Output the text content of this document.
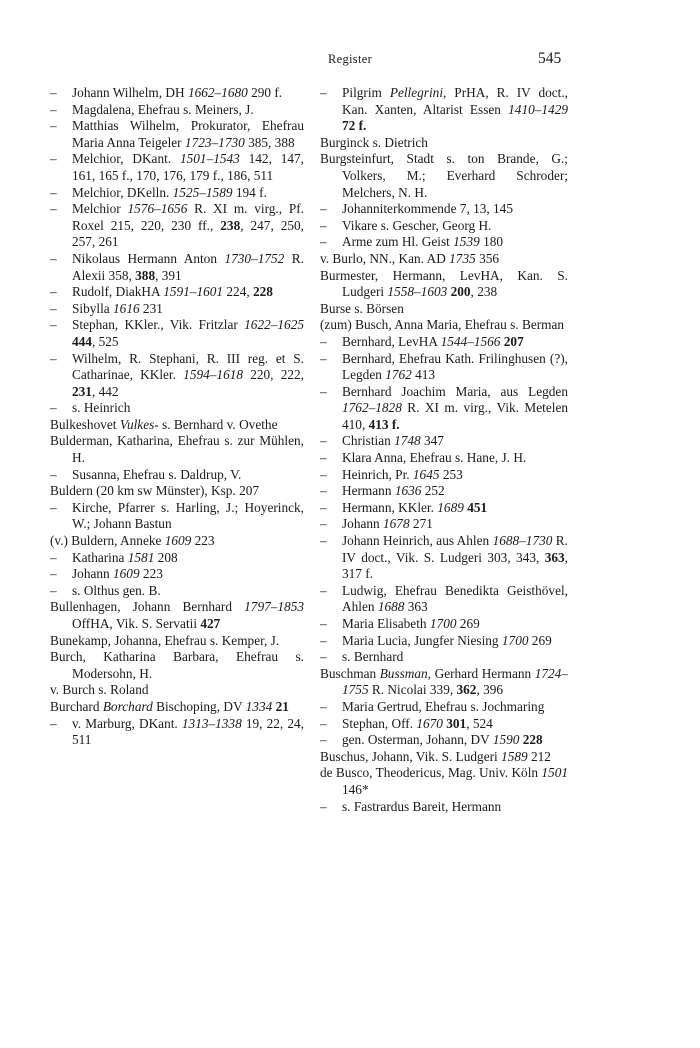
Register	545

– Johann Wilhelm, DH 1662–1680 290 f.

– Magdalena, Ehefrau s. Meiners, J.

– Matthias Wilhelm, Prokurator, Ehefrau Maria Anna Teigeler 1723–1730 385, 388

– Melchior, DKant. 1501–1543 142, 147, 161, 165 f., 170, 176, 179 f., 186, 511

– Melchior, DKelln. 1525–1589 194 f.

– Melchior 1576–1656 R. XI m. virg., Pf. Roxel 215, 220, 230 ff., 238, 247, 250, 257, 261

– Nikolaus Hermann Anton 1730–1752 R. Alexii 358, 388, 391

– Rudolf, DiakHA 1591–1601 224, 228

– Sibylla 1616 231

– Stephan, KKler., Vik. Fritzlar 1622–1625 444, 525

– Wilhelm, R. Stephani, R. III reg. et S. Catharinae, KKler. 1594–1618 220, 222, 231, 442

– s. Heinrich

Bulkeshovet Vulkes- s. Bernhard v. Ovethe

Bulderman, Katharina, Ehefrau s. zur Mühlen, H.

– Susanna, Ehefrau s. Daldrup, V.

Buldern (20 km sw Münster), Ksp. 207

– Kirche, Pfarrer s. Harling, J.; Hoyerinck, W.; Johann Bastun

(v.) Buldern, Anneke 1609 223

– Katharina 1581 208

– Johann 1609 223

– s. Olthus gen. B.

Bullenhagen, Johann Bernhard 1797–1853 OffHA, Vik. S. Servatii 427

Bunekamp, Johanna, Ehefrau s. Kemper, J.

Burch, Katharina Barbara, Ehefrau s. Modersohn, H.

v. Burch s. Roland

Burchard Borchard Bischoping, DV 1334 21

– v. Marburg, DKant. 1313–1338 19, 22, 24, 511

– Pilgrim Pellegrini, PrHA, R. IV doct., Kan. Xanten, Altarist Essen 1410–1429 72 f.

Burginck s. Dietrich

Burgsteinfurt, Stadt s. ton Brande, G.; Volkers, M.; Everhard Schroder; Melchers, N. H.

– Johanniterkommende 7, 13, 145

– Vikare s. Gescher, Georg H.

– Arme zum Hl. Geist 1539 180

v. Burlo, NN., Kan. AD 1735 356

Burmester, Hermann, LevHA, Kan. S. Ludgeri 1558–1603 200, 238

Burse s. Börsen

(zum) Busch, Anna Maria, Ehefrau s. Berman

– Bernhard, LevHA 1544–1566 207

– Bernhard, Ehefrau Kath. Frilinghusen (?), Legden 1762 413

– Bernhard Joachim Maria, aus Legden 1762–1828 R. XI m. virg., Vik. Metelen 410, 413 f.

– Christian 1748 347

– Klara Anna, Ehefrau s. Hane, J. H.

– Heinrich, Pr. 1645 253

– Hermann 1636 252

– Hermann, KKler. 1689 451

– Johann 1678 271

– Johann Heinrich, aus Ahlen 1688–1730 R. IV doct., Vik. S. Ludgeri 303, 343, 363, 317 f.

– Ludwig, Ehefrau Benedikta Geisthövel, Ahlen 1688 363

– Maria Elisabeth 1700 269

– Maria Lucia, Jungfer Niesing 1700 269

– s. Bernhard

Buschman Bussman, Gerhard Hermann 1724–1755 R. Nicolai 339, 362, 396

– Maria Gertrud, Ehefrau s. Jochmaring

– Stephan, Off. 1670 301, 524

– gen. Osterman, Johann, DV 1590 228

Buschus, Johann, Vik. S. Ludgeri 1589 212

de Busco, Theodericus, Mag. Univ. Köln 1501 146*

– s. Fastrardus Bareit, Hermann
